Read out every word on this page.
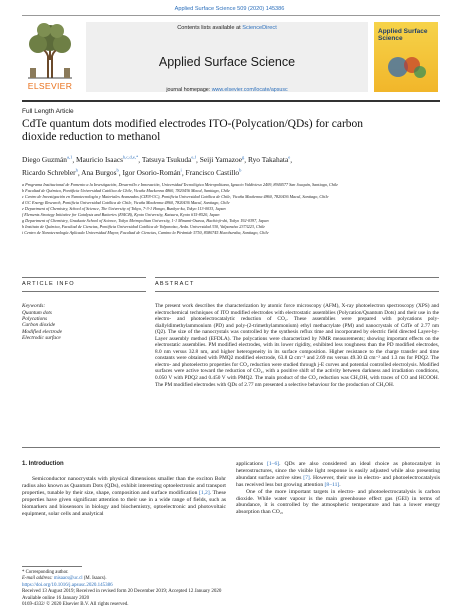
Applied Surface Science 509 (2020) 145386
ELSEVIER
Contents lists available at ScienceDirect
Applied Surface Science
journal homepage: www.elsevier.com/locate/apsusc
Applied Surface Science
Full Length Article
CdTe quantum dots modified electrodes ITO-(Polycation/QDs) for carbon
dioxide reduction to methanol
Diego Guzmán$^{a,1}$, Mauricio Isaacs$^{b,c,d,e,*}$, Tatsuya Tsukuda$^{e,f}$, Seiji Yamazoe$^g$, Ryo Takahata$^e$,
Ricardo Schrebler$^h$, Ana Burgos$^b$, Igor Osorio-Román$^i$, Francisco Castillo$^b$
a Programa Institucional de Fomento a la Investigación, Desarrollo e Innovación, Universidad Tecnológica Metropolitana, Ignacio Valdivieso 2409, 8940577 San Joaquín, Santiago, Chile
b Facultad de Química, Pontificia Universidad Católica de Chile, Vicuña Mackenna 4860, 7820436 Macul, Santiago, Chile
c Centro de Investigación en Nanotecnología y Materiales Avanzados (CIEN-UC), Pontificia Universidad Católica de Chile, Vicuña Mackenna 4860, 7820436 Macul, Santiago, Chile
d UC Energy Research, Pontificia Universidad Católica de Chile, Vicuña Mackenna 4860, 7820436 Macul, Santiago, Chile
e Department of Chemistry, School of Science, The University of Tokyo, 7-3-1 Hongo, Bunkyo-ku, Tokyo 113-0033, Japan
f Elements Strategy Initiative for Catalysts and Batteries (ESICB), Kyoto University, Katsura, Kyoto 615-8520, Japan
g Department of Chemistry, Graduate School of Science, Tokyo Metropolitan University, 1-1 Minami-Osawa, Hachioji-shi, Tokyo 192-0397, Japan
h Instituto de Química, Facultad de Ciencias, Pontificia Universidad Católica de Valparaíso, Avda. Universidad 330, Valparaíso 2373223, Chile
i Centro de Nanotecnología Aplicada Universidad Mayor, Facultad de Ciencias, Camino la Pirámide 5750, 8580745 Huechuraba, Santiago, Chile
ARTICLE INFO	ABSTRACT
Keywords:
Quantum dots
Polycations
Carbon dioxide
Modified electrode
Electrodic surface

The present work describes the characterization by atomic force microscopy (AFM), X-ray photoelectron spectroscopy (XPS) and electrochemical techniques of ITO modified electrodes with electrostatic assemblies (Polycation/Quantum Dots) and their use in the electro- and photoelectrocatalytic reduction of CO₂. These assemblies were prepared with polycations poly-diallyldimethylammonium (PD) and poly-(2-trimethylammonium) ethyl methacrylate (PM) and nanocrystals of CdTe of 2.77 nm (Q2). The size of the nanocrystals was controlled by the synthesis reflux time and incorporated by electric field directed Layer-by-Layer assembly method (EFDLA). The polycations were characterized by NMR measurements; showing important effects on the electrostatic assemblies. PM modified electrodes, with its lower rigidity, exhibited less roughness than the PD modified electrodes, 8.0 nm versus 32.8 nm, and higher heterogeneity in its surface composition. Higher resistance to the charge transfer and time constants were obtained with PMQ2 modified electrode, 63.8 Ω cm⁻² and 2.69 ms versus 49.30 Ω cm⁻² and 1.3 ms for PDQ2. The electro- and photoelectro properties for CO₂ reduction were studied through j-E curves and potential controlled electrolysis. Modified surfaces were active toward the reduction of CO₂, with a positive shift of the activity between darkness and irradiation conditions, 0.050 V with PDQ2 and 0.450 V with PMQ2. The main product of the CO₂ reduction was CH₃OH, with traces of CO and HCOOH. The PM modified electrodes with QDs of 2.77 nm presented a selective behaviour for the production of CH₃OH.

1. Introduction

Semiconductor nanocrystals with physical dimensions smaller than the exciton Bohr radius also known as Quantum Dots (QDs), exhibit interesting optoelectronic and transport properties, tunable by their size, shape, composition and surface modification [1,2]. These properties have given significant attention to their use in a wide range of fields, such as biomarkers and biosensors in biology and biochemistry, optoelectronic and photovoltaic equipment, solar cells and analytical

applications [1–6]. QDs are also considered an ideal choice as photocatalyst in heterostructures, since the visible light response is easily adjusted while also presenting abundant surface active sites [7]. However, their use in electro- and photoelectrocatalysis has received less but growing attention [8–11].

One of the more important targets in electro- and photoelectrocatalysis is carbon dioxide. While water vapour is the main greenhouse effect gas (GEI) in terms of abundance, it is controlled by the atmospheric temperature and has a lower energy absorption than CO₂,

* Corresponding author.
E-mail address: misaacs@uc.cl (M. Isaacs).
https://doi.org/10.1016/j.apsusc.2020.145386
Received 13 August 2019; Received in revised form 20 December 2019; Accepted 12 January 2020
Available online 16 January 2020
0169-4332/ © 2020 Elsevier B.V. All rights reserved.
